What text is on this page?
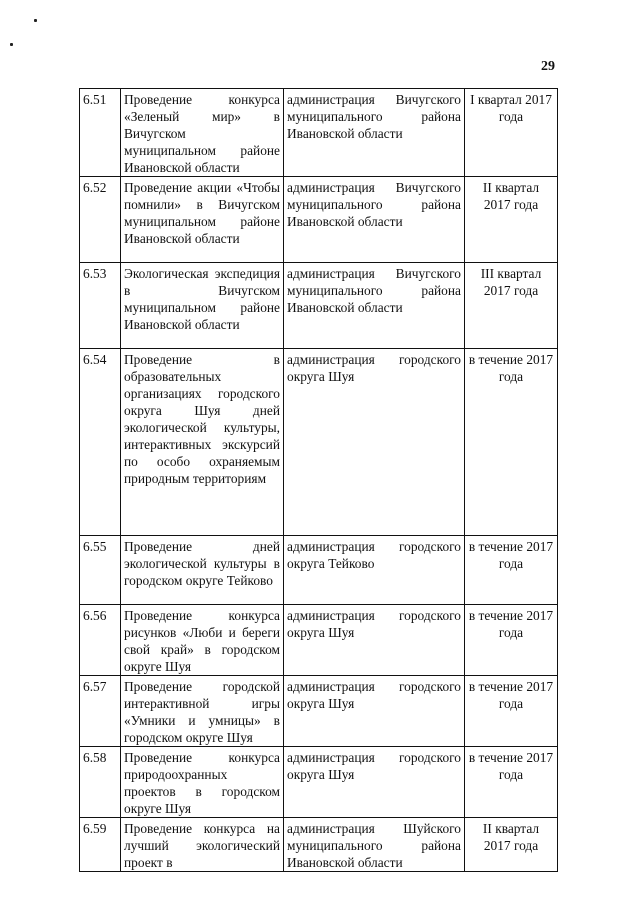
29
6.51	Проведение конкурса «Зеленый мир» в Вичугском муниципальном районе Ивановской области	администрация Вичугского муниципального района Ивановской области	I квартал 2017 года
6.52	Проведение акции «Чтобы помнили» в Вичугском муниципальном районе Ивановской области	администрация Вичугского муниципального района Ивановской области	II квартал 2017 года
6.53	Экологическая экспедиция в Вичугском муниципальном районе Ивановской области	администрация Вичугского муниципального района Ивановской области	III квартал 2017 года
6.54	Проведение в образовательных организациях городского округа Шуя дней экологической культуры, интерактивных экскурсий по особо охраняемым природным территориям	администрация городского округа Шуя	в течение 2017 года
6.55	Проведение дней экологической культуры в городском округе Тейково	администрация городского округа Тейково	в течение 2017 года
6.56	Проведение конкурса рисунков «Люби и береги свой край» в городском округе Шуя	администрация городского округа Шуя	в течение 2017 года
6.57	Проведение городской интерактивной игры «Умники и умницы» в городском округе Шуя	администрация городского округа Шуя	в течение 2017 года
6.58	Проведение конкурса природоохранных проектов в городском округе Шуя	администрация городского округа Шуя	в течение 2017 года
6.59	Проведение конкурса на лучший экологический проект в	администрация Шуйского муниципального района Ивановской области	II квартал 2017 года
